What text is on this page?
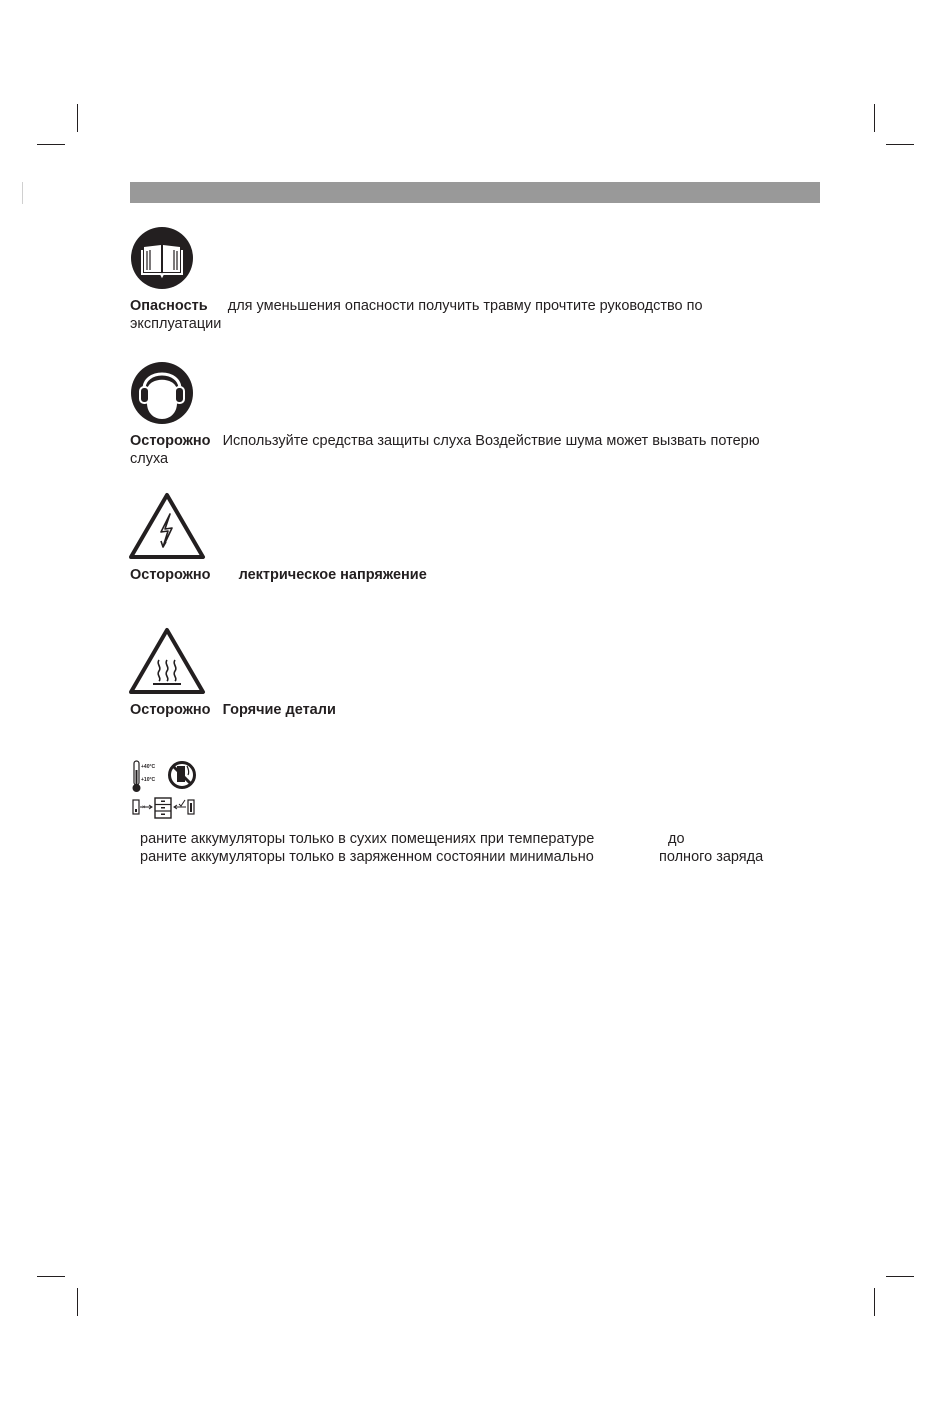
Опасность для уменьшения опасности получить травму прочтите руководство по
эксплуатации
Осторожно Используйте средства защиты слуха Воздействие шума может вызвать потерю
слуха
Осторожно лектрическое напряжение
Осторожно Горячие детали
+40°C
+10°C
×
раните аккумуляторы только в сухих помещениях при температуре	до
раните аккумуляторы только в заряженном состоянии минимально	полного заряда
